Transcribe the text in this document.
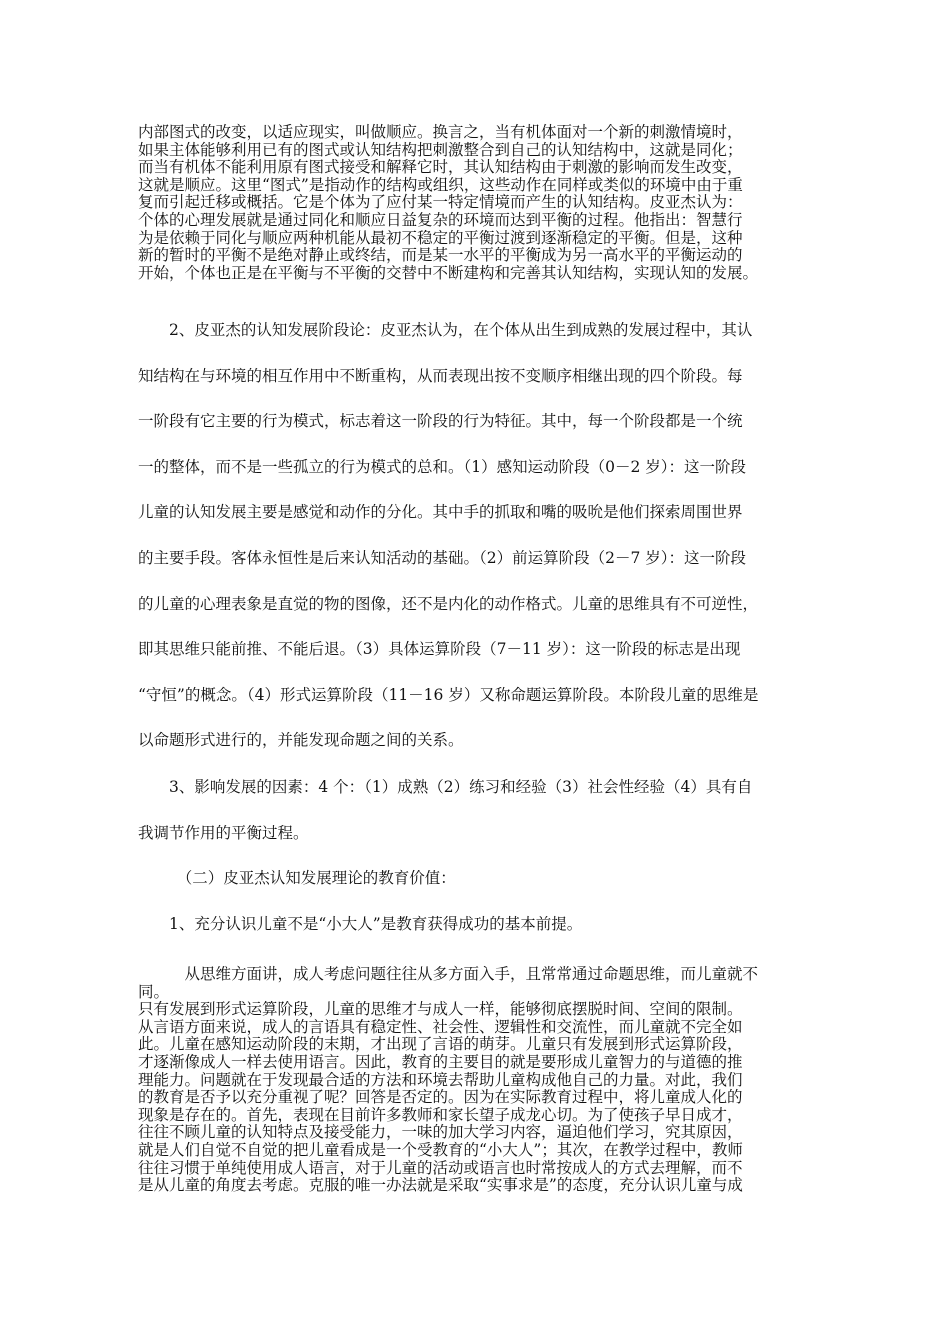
内部图式的改变，以适应现实，叫做顺应。换言之，当有机体面对一个新的刺激情境时，
如果主体能够利用已有的图式或认知结构把刺激整合到自己的认知结构中，这就是同化；
而当有机体不能利用原有图式接受和解释它时，其认知结构由于刺激的影响而发生改变，
这就是顺应。这里“图式”是指动作的结构或组织，这些动作在同样或类似的环境中由于重
复而引起迁移或概括。它是个体为了应付某一特定情境而产生的认知结构。皮亚杰认为：
个体的心理发展就是通过同化和顺应日益复杂的环境而达到平衡的过程。他指出：智慧行
为是依赖于同化与顺应两种机能从最初不稳定的平衡过渡到逐渐稳定的平衡。但是，这种
新的暂时的平衡不是绝对静止或终结，而是某一水平的平衡成为另一高水平的平衡运动的
开始，个体也正是在平衡与不平衡的交替中不断建构和完善其认知结构，实现认知的发展。
　　2、皮亚杰的认知发展阶段论：皮亚杰认为，在个体从出生到成熟的发展过程中，其认
知结构在与环境的相互作用中不断重构，从而表现出按不变顺序相继出现的四个阶段。每
一阶段有它主要的行为模式，标志着这一阶段的行为特征。其中，每一个阶段都是一个统
一的整体，而不是一些孤立的行为模式的总和。（1）感知运动阶段（0－2 岁）：这一阶段
儿童的认知发展主要是感觉和动作的分化。其中手的抓取和嘴的吸吮是他们探索周围世界
的主要手段。客体永恒性是后来认知活动的基础。（2）前运算阶段（2－7 岁）：这一阶段
的儿童的心理表象是直觉的物的图像，还不是内化的动作格式。儿童的思维具有不可逆性，
即其思维只能前推、不能后退。（3）具体运算阶段（7－11 岁）：这一阶段的标志是出现
“守恒”的概念。（4）形式运算阶段（11－16 岁）又称命题运算阶段。本阶段儿童的思维是
以命题形式进行的，并能发现命题之间的关系。
　　3、影响发展的因素：4 个：（1）成熟（2）练习和经验（3）社会性经验（4）具有自
我调节作用的平衡过程。
　　　（二）皮亚杰认知发展理论的教育价值：
　　1、充分认识儿童不是“小大人”是教育获得成功的基本前提。
　　　从思维方面讲，成人考虑问题往往从多方面入手，且常常通过命题思维，而儿童就不
同。
只有发展到形式运算阶段，儿童的思维才与成人一样，能够彻底摆脱时间、空间的限制。
从言语方面来说，成人的言语具有稳定性、社会性、逻辑性和交流性，而儿童就不完全如
此。儿童在感知运动阶段的末期，才出现了言语的萌芽。儿童只有发展到形式运算阶段，
才逐渐像成人一样去使用语言。因此，教育的主要目的就是要形成儿童智力的与道德的推
理能力。问题就在于发现最合适的方法和环境去帮助儿童构成他自己的力量。对此，我们
的教育是否予以充分重视了呢？回答是否定的。因为在实际教育过程中，将儿童成人化的
现象是存在的。首先，表现在目前许多教师和家长望子成龙心切。为了使孩子早日成才，
往往不顾儿童的认知特点及接受能力，一味的加大学习内容，逼迫他们学习，究其原因，
就是人们自觉不自觉的把儿童看成是一个受教育的“小大人”；其次，在教学过程中，教师
往往习惯于单纯使用成人语言，对于儿童的活动或语言也时常按成人的方式去理解，而不
是从儿童的角度去考虑。克服的唯一办法就是采取“实事求是”的态度，充分认识儿童与成
